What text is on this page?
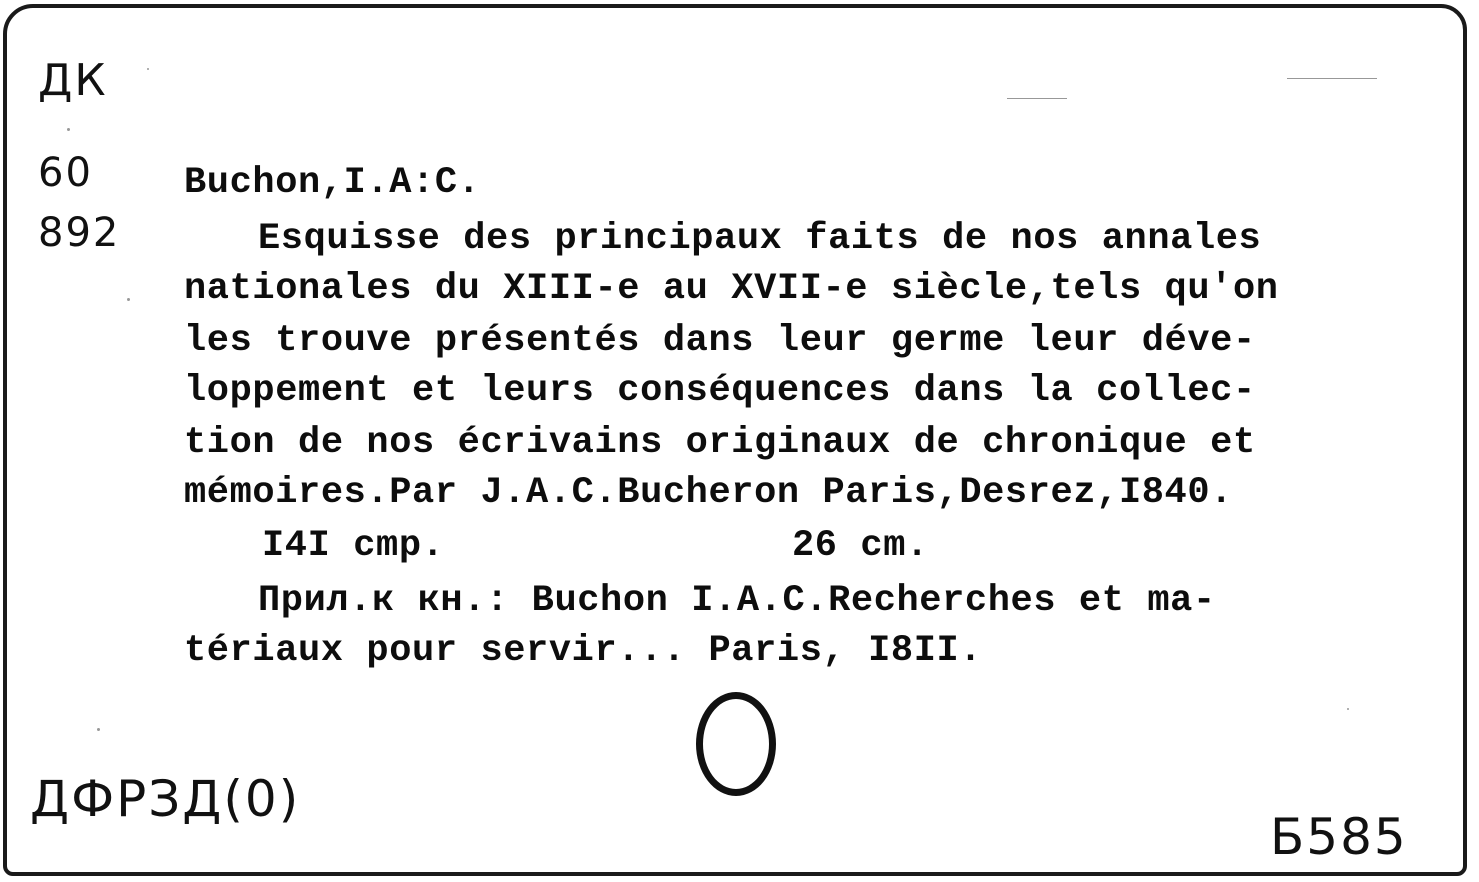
ДК
60
892
Buchon,I.A:C.
Esquisse des principaux faits de nos annales
nationales du XIII-e au XVII-e siècle,tels qu'on
les trouve présentés dans leur germe leur déve-
loppement et leurs conséquences dans la collec-
tion de nos écrivains originaux de chronique et
mémoires.Par J.A.C.Bucheron Paris,Desrez,I840.
I4I cmp.	26 cm.
Прил.к кн.: Buchon I.A.C.Recherches et ma-
tériaux pour servir... Paris, I8II.
ДФРЗД(0)
Б585
